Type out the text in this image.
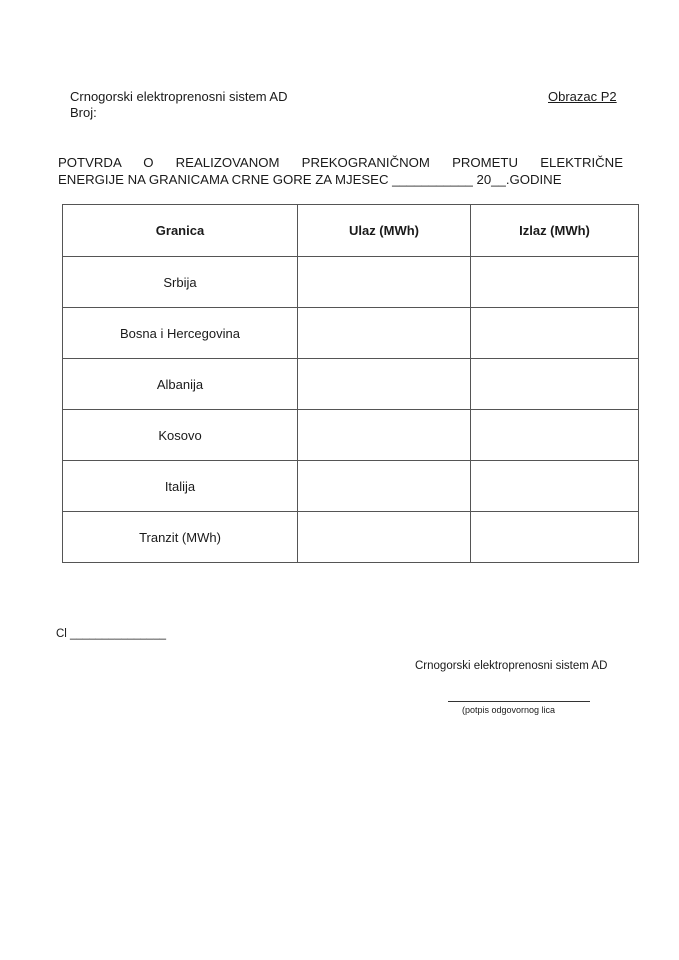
Crnogorski elektroprenosni sistem AD
Broj:
Obrazac P2
POTVRDA O REALIZOVANOM PREKOGRANIČNOM PROMETU ELEKTRIČNE
ENERGIJE NA GRANICAMA CRNE GORE ZA MJESEC ___________ 20__.GODINE
Granica	Ulaz (MWh)	Izlaz (MWh)
Srbija		
Bosna i Hercegovina		
Albanija		
Kosovo		
Italija		
Tranzit (MWh)		
Cl _______________
Crnogorski elektroprenosni sistem AD
(potpis odgovornog lica
